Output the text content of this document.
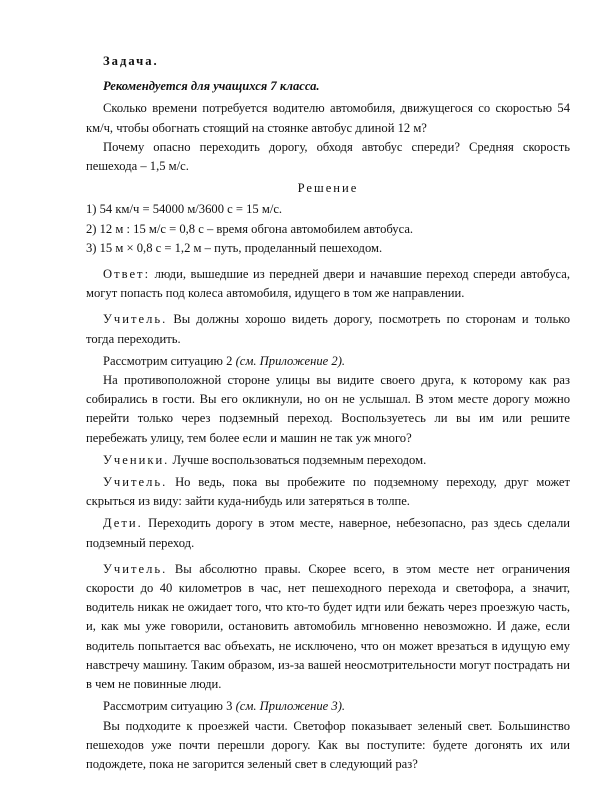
Задача.

Рекомендуется для учащихся 7 класса.

Сколько времени потребуется водителю автомобиля, движущегося со скоростью 54 км/ч, чтобы обогнать стоящий на стоянке автобус длиной 12 м?

Почему опасно переходить дорогу, обходя автобус спереди? Средняя скорость пешехода – 1,5 м/с.

Решение

1) 54 км/ч = 54000 м/3600 с = 15 м/с.
2) 12 м : 15 м/с = 0,8 с – время обгона автомобилем автобуса.
3) 15 м × 0,8 с = 1,2 м – путь, проделанный пешеходом.

Ответ: люди, вышедшие из передней двери и начавшие переход спереди автобуса, могут попасть под колеса автомобиля, идущего в том же направлении.

Учитель. Вы должны хорошо видеть дорогу, посмотреть по сторонам и только тогда переходить.

Рассмотрим ситуацию 2 (см. Приложение 2).

На противоположной стороне улицы вы видите своего друга, к которому как раз собирались в гости. Вы его окликнули, но он не услышал. В этом месте дорогу можно перейти только через подземный переход. Воспользуетесь ли вы им или решите перебежать улицу, тем более если и машин не так уж много?

Ученики. Лучше воспользоваться подземным переходом.

Учитель. Но ведь, пока вы пробежите по подземному переходу, друг может скрыться из виду: зайти куда-нибудь или затеряться в толпе.

Дети. Переходить дорогу в этом месте, наверное, небезопасно, раз здесь сделали подземный переход.

Учитель. Вы абсолютно правы. Скорее всего, в этом месте нет ограничения скорости до 40 километров в час, нет пешеходного перехода и светофора, а значит, водитель никак не ожидает того, что кто-то будет идти или бежать через проезжую часть, и, как мы уже говорили, остановить автомобиль мгновенно невозможно. И даже, если водитель попытается вас объехать, не исключено, что он может врезаться в идущую ему навстречу машину. Таким образом, из-за вашей неосмотрительности могут пострадать ни в чем не повинные люди.

Рассмотрим ситуацию 3 (см. Приложение 3).

Вы подходите к проезжей части. Светофор показывает зеленый свет. Большинство пешеходов уже почти перешли дорогу. Как вы поступите: будете догонять их или подождете, пока не загорится зеленый свет в следующий раз?
